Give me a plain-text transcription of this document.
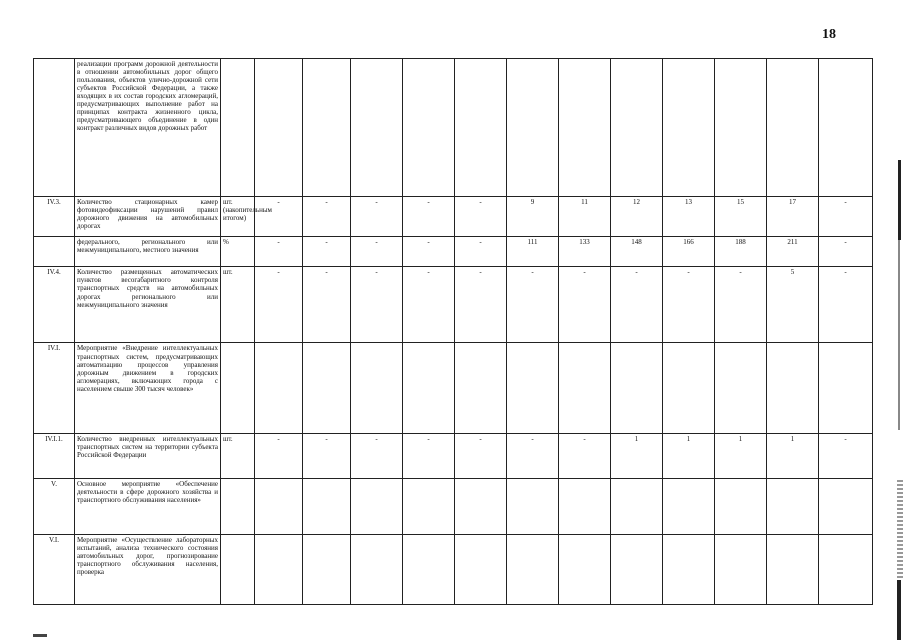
18
	реализации программ дорожной деятельности в отношении автомобильных дорог общего пользования, объектов улично-дорожной сети субъектов Российской Федерации, а также входящих в их состав городских агломераций, предусматривающих выполнение работ на принципах контракта жизненного цикла, предусматривающего объединение в один контракт различных видов дорожных работ													
IV.3.	Количество стационарных камер фотовидеофиксации нарушений правил дорожного движения на автомобильных дорогах	шт. (накопительным итогом)	-	-	-	-	-	9	11	12	13	15	17	-
	федерального, регионального или межмуниципального, местного значения	%	-	-	-	-	-	111	133	148	166	188	211	-
IV.4.	Количество размещенных автоматических пунктов весогабаритного контроля транспортных средств на автомобильных дорогах регионального или межмуниципального значения	шт.	-	-	-	-	-	-	-	-	-	-	5	-
IV.I.	Мероприятие «Внедрение интеллектуальных транспортных систем, предусматривающих автоматизацию процессов управления дорожным движением в городских агломерациях, включающих города с населением свыше 300 тысяч человек»													
IV.I.1.	Количество внедренных интеллектуальных транспортных систем на территории субъекта Российской Федерации	шт.	-	-	-	-	-	-	-	1	1	1	1	-
V.	Основное мероприятие «Обеспечение деятельности в сфере дорожного хозяйства и транспортного обслуживания населения»													
V.I.	Мероприятие «Осуществление лабораторных испытаний, анализа технического состояния автомобильных дорог, прогнозирование транспортного обслуживания населения, проверка													
